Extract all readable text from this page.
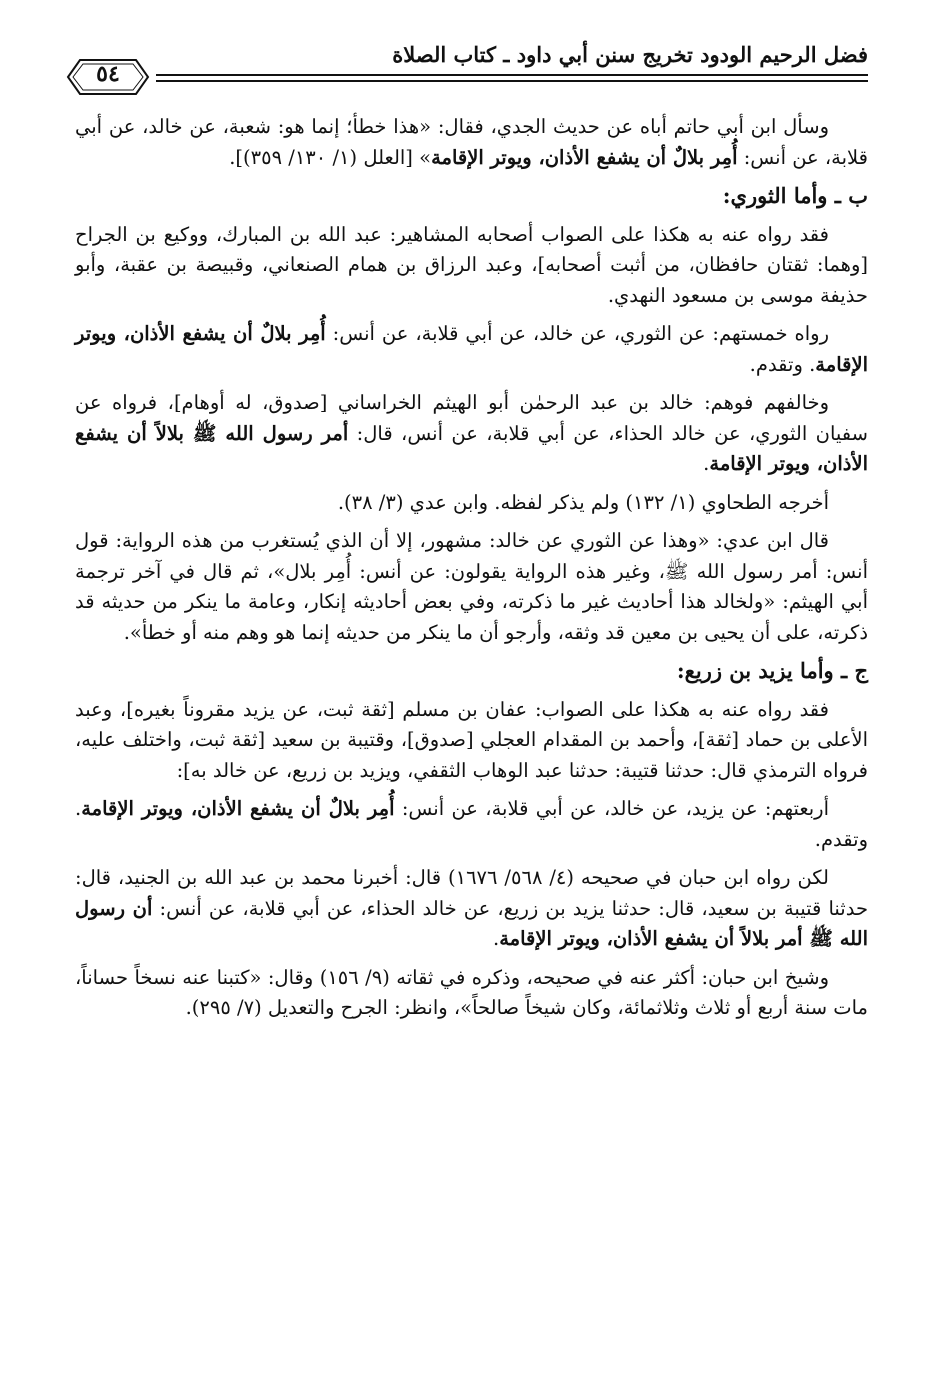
فضل الرحيم الودود تخريج سنن أبي داود ـ كتاب الصلاة
٥٤

وسأل ابن أبي حاتم أباه عن حديث الجدي، فقال: «هذا خطأ؛ إنما هو: شعبة، عن خالد، عن أبي قلابة، عن أنس: أُمِر بلالٌ أن يشفع الأذان، ويوتر الإقامة» [العلل (١/ ١٣٠/ ٣٥٩)].

ب ـ وأما الثوري:

فقد رواه عنه به هكذا على الصواب أصحابه المشاهير: عبد الله بن المبارك، ووكيع بن الجراح [وهما: ثقتان حافظان، من أثبت أصحابه]، وعبد الرزاق بن همام الصنعاني، وقبيصة بن عقبة، وأبو حذيفة موسى بن مسعود النهدي.

رواه خمستهم: عن الثوري، عن خالد، عن أبي قلابة، عن أنس: أُمِر بلالٌ أن يشفع الأذان، ويوتر الإقامة. وتقدم.

وخالفهم فوهم: خالد بن عبد الرحمٰن أبو الهيثم الخراساني [صدوق، له أوهام]، فرواه عن سفيان الثوري، عن خالد الحذاء، عن أبي قلابة، عن أنس، قال: أمر رسول الله ﷺ بلالاً أن يشفع الأذان، ويوتر الإقامة.

أخرجه الطحاوي (١/ ١٣٢) ولم يذكر لفظه. وابن عدي (٣/ ٣٨).

قال ابن عدي: «وهذا عن الثوري عن خالد: مشهور، إلا أن الذي يُستغرب من هذه الرواية: قول أنس: أمر رسول الله ﷺ، وغير هذه الرواية يقولون: عن أنس: أُمِر بلال»، ثم قال في آخر ترجمة أبي الهيثم: «ولخالد هذا أحاديث غير ما ذكرته، وفي بعض أحاديثه إنكار، وعامة ما ينكر من حديثه قد ذكرته، على أن يحيى بن معين قد وثقه، وأرجو أن ما ينكر من حديثه إنما هو وهم منه أو خطأ».

ج ـ وأما يزيد بن زريع:

فقد رواه عنه به هكذا على الصواب: عفان بن مسلم [ثقة ثبت، عن يزيد مقروناً بغيره]، وعبد الأعلى بن حماد [ثقة]، وأحمد بن المقدام العجلي [صدوق]، وقتيبة بن سعيد [ثقة ثبت، واختلف عليه، فرواه الترمذي قال: حدثنا قتيبة: حدثنا عبد الوهاب الثقفي، ويزيد بن زريع، عن خالد به]:

أربعتهم: عن يزيد، عن خالد، عن أبي قلابة، عن أنس: أُمِر بلالٌ أن يشفع الأذان، ويوتر الإقامة. وتقدم.

لكن رواه ابن حبان في صحيحه (٤/ ٥٦٨/ ١٦٧٦) قال: أخبرنا محمد بن عبد الله بن الجنيد، قال: حدثنا قتيبة بن سعيد، قال: حدثنا يزيد بن زريع، عن خالد الحذاء، عن أبي قلابة، عن أنس: أن رسول الله ﷺ أمر بلالاً أن يشفع الأذان، ويوتر الإقامة.

وشيخ ابن حبان: أكثر عنه في صحيحه، وذكره في ثقاته (٩/ ١٥٦) وقال: «كتبنا عنه نسخاً حساناً، مات سنة أربع أو ثلاث وثلاثمائة، وكان شيخاً صالحاً»، وانظر: الجرح والتعديل (٧/ ٢٩٥).
